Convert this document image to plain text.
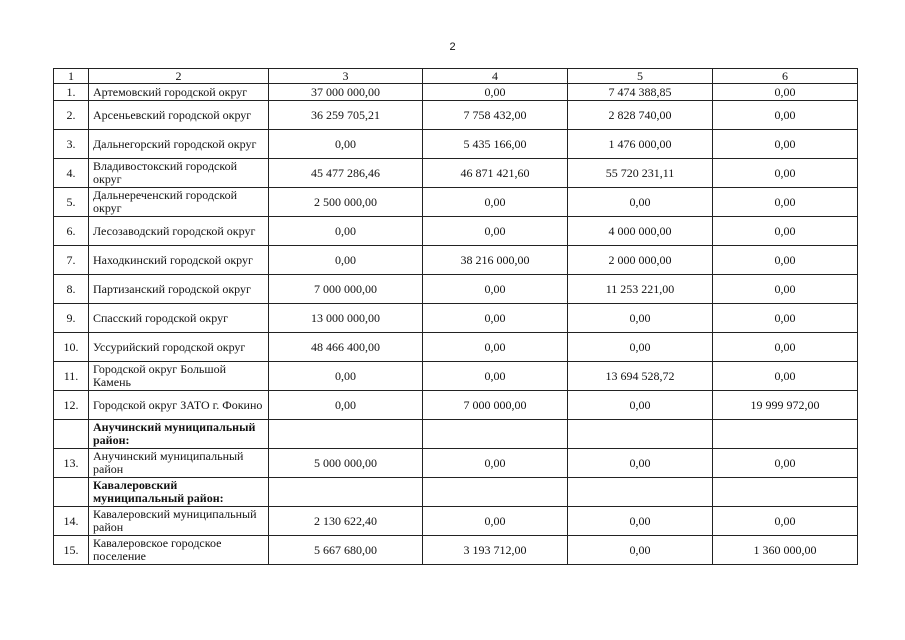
2
1	2	3	4	5	6
1.	Артемовский городской округ	37 000 000,00	0,00	7 474 388,85	0,00
2.	Арсеньевский городской округ	36 259 705,21	7 758 432,00	2 828 740,00	0,00
3.	Дальнегорский городской округ	0,00	5 435 166,00	1 476 000,00	0,00
4.	Владивостокский городской округ	45 477 286,46	46 871 421,60	55 720 231,11	0,00
5.	Дальнереченский городской округ	2 500 000,00	0,00	0,00	0,00
6.	Лесозаводский городской округ	0,00	0,00	4 000 000,00	0,00
7.	Находкинский городской округ	0,00	38 216 000,00	2 000 000,00	0,00
8.	Партизанский городской округ	7 000 000,00	0,00	11 253 221,00	0,00
9.	Спасский городской округ	13 000 000,00	0,00	0,00	0,00
10.	Уссурийский городской округ	48 466 400,00	0,00	0,00	0,00
11.	Городской округ Большой Камень	0,00	0,00	13 694 528,72	0,00
12.	Городской округ ЗАТО г. Фокино	0,00	7 000 000,00	0,00	19 999 972,00
	Анучинский муниципальный район:				
13.	Анучинский муниципальный район	5 000 000,00	0,00	0,00	0,00
	Кавалеровский муниципальный район:				
14.	Кавалеровский муниципальный район	2 130 622,40	0,00	0,00	0,00
15.	Кавалеровское городское поселение	5 667 680,00	3 193 712,00	0,00	1 360 000,00
